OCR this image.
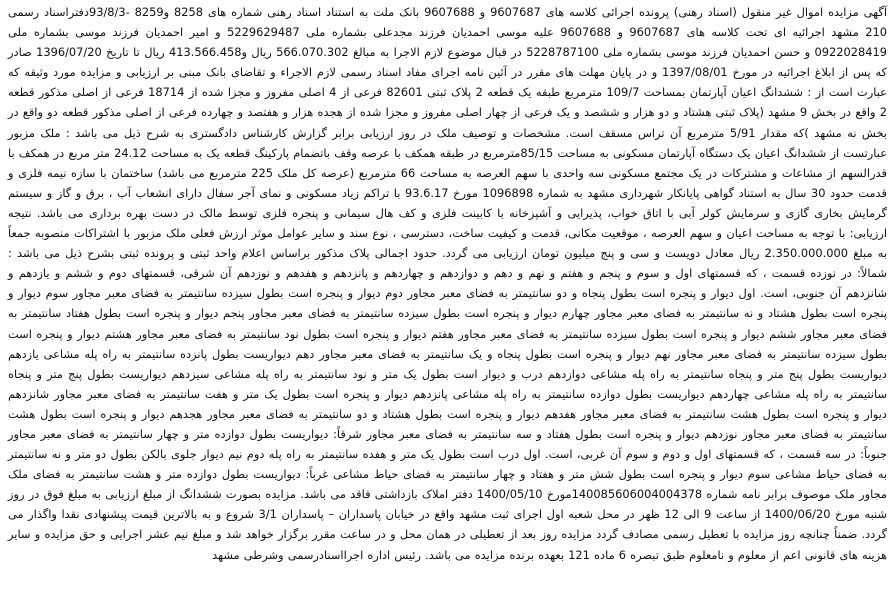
آگهی مزایده اموال غیر منقول (اسناد رهنی) پرونده اجرائی کلاسه های 9607687 و 9607688 بانک ملت به استناد اسناد رهنی شماره های 8258 و8259 -93/8/3دفتراسناد رسمی 210 مشهد اجرائیه ای تحت کلاسه های 9607687 و 9607688 علیه موسی احمدیان فرزند مجدعلی بشماره ملی 5229629487 و امیر احمدیان فرزند موسی بشماره ملی 0922028419 و حسن احمدیان فرزند موسی بشماره ملی 5228787100 در قبال موضوع لازم الاجرا به مبالغ 566.070.302 ریال و413.566.458 ریال تا تاریخ 1396/07/20 صادر که پس از ابلاغ اجرائیه در مورخ 1397/08/01 و در پایان مهلت های مقرر در آئین نامه اجرای مفاد اسناد رسمی لازم الاجراء و تقاضای بانک مبنی بر ارزیابی و مزایده مورد وثیقه که عبارت است از : ششدانگ اعیان آپارتمان بمساحت 109/7 مترمربع طبقه یک قطعه 2 پلاک ثبتی 82601 فرعی از 4 اصلی مفروز و مجزا شده از 18714 فرعی از اصلی مذکور قطعه 2 واقع در بخش 9 مشهد (پلاک ثبتی هشتاد و دو هزار و ششصد و یک فرعی از چهار اصلی مفروز و مجزا شده از هجده هزار و هفتصد و چهارده فرعی از اصلی مذکور قطعه دو واقع در بخش نه مشهد )که مقدار 5/91 مترمربع آن تراس مسقف است. مشخصات و توصیف ملک در روز ارزیابی برابر گزارش کارشناس دادگستری به شرح ذیل می باشد : ملک مزبور عبارتست از ششدانگ اعیان یک دستگاه آپارتمان مسکونی به مساحت 85/15مترمربع در طبقه همکف با عرصه وقف باتضمام پارکینگ قطعه یک به مساحت 24.12 متر مربع در همکف با قدرالسهم از مشاعات و مشترکات در یک مجتمع مسکونی سه واحدی با سهم العرصه به مساحت 66 مترمربع (عرصه کل ملک 225 مترمربع می باشد) ساختمان با سازه نیمه فلزی و قدمت حدود 30 سال به استناد گواهی پایانکار شهرداری مشهد به شماره 1096898 مورخ 93.6.17 با تراکم زیاد مسکونی و نمای آجر سفال دارای انشعاب آب ، برق و گاز و سیستم گرمایش بخاری گازی و سرمایش کولر آبی با اتاق خواب، پذیرایی و آشپزخانه با کابینت فلزی و کف هال سیمانی و پنجره فلزی توسط مالک در دست بهره برداری می باشد. نتیجه ارزیابی: با توجه به مساحت اعیان و سهم العرصه ، موقعیت مکانی، قدمت و کیفیت ساخت، دسترسی ، نوع سند و سایر عوامل موثر ارزش فعلی ملک مزبور با اشتراکات منصوبه جمعاً به مبلغ 2.350.000.000 ریال معادل دویست و سی و پنج میلیون تومان ارزیابی می گردد. حدود اجمالی پلاک مذکور براساس اعلام واحد ثبتی و پرونده ثبتی بشرح ذیل می باشد : شمالاً: در نوزده قسمت ، که قسمتهای اول و سوم و پنجم و هفتم و نهم و دهم و دوازدهم و چهاردهم و پانزدهم و هفدهم و نوزدهم آن شرقی، قسمتهای دوم و ششم و یازدهم و شانزدهم آن جنوبی، است. اول دیوار و پنجره است بطول پنجاه و دو سانتیمتر به فضای معبر مجاور دوم دیوار و پنجره است بطول سیزده سانتیمتر به فضای معبر مجاور سوم دیوار و پنجره است بطول هشتاد و نه سانتیمتر به فضای معبر مجاور چهارم دیوار و پنجره است بطول سیزده سانتیمتر به فضای معبر مجاور پنجم دیوار و پنجره است بطول هفتاد سانتیمتر به فضای معبر مجاور ششم دیوار و پنجره است بطول سیزده سانتیمتر به فضای معبر مجاور هفتم دیوار و پنجره است بطول نود سانتیمتر به فضای معبر مجاور هشتم دیوار و پنجره است بطول سیزده سانتیمتر به فضای معبر مجاور نهم دیوار و پنجره است بطول پنجاه و یک سانتیمتر به فضای معبر مجاور دهم دیواریست بطول پانزده سانتیمتر به راه پله مشاعی یازدهم دیواریست بطول پنج متر و پنجاه سانتیمتر به راه پله مشاعی دوازدهم درب و دیوار است بطول یک متر و نود سانتیمتر به راه پله مشاعی سیزدهم دیواریست بطول پنج متر و پنجاه سانتیمتر به راه پله مشاعی چهاردهم دیواریست بطول دوازده سانتیمتر به راه پله مشاعی پانزدهم دیوار و پنجره است بطول یک متر و هفت سانتیمتر به فضای معبر مجاور شانزدهم دیوار و پنجره است بطول هشت سانتیمتر به فضای معبر مجاور هفدهم دیوار و پنجره است بطول هشتاد و دو سانتیمتر به فضای معبر مجاور هجدهم دیوار و پنجره است بطول هشت سانتیمتر به فضای معبر مجاور نوزدهم دیوار و پنجره است بطول هفتاد و سه سانتیمتر به فضای معبر مجاور شرقاً: دیواریست بطول دوازده متر و چهار سانتیمتر به فضای معبر مجاور جنوباً: در سه قسمت ، که قسمتهای اول و دوم و سوم آن غربی، است. اول درب است بطول یک متر و هفده سانتیمتر به راه پله دوم نیم دیوار جلوی بالکن بطول دو متر و نه سانتیمتر به فضای حیاط مشاعی سوم دیوار و پنجره است بطول شش متر و هفتاد و چهار سانتیمتر به فضای حیاط مشاعی غرباً: دیواریست بطول دوازده متر و هشت سانتیمتر به فضای ملک مجاور ملک موصوف برابر نامه شماره 140085606004004378مورخ 1400/05/10 دفتر املاک بازداشتی فاقد می باشد. مزایده بصورت ششدانگ از مبلغ ارزیابی به مبلغ فوق در روز شنبه مورخ 1400/06/20 از ساعت 9 الی 12 ظهر در محل شعبه اول اجرای ثبت مشهد واقع در خیابان پاسداران – پاسداران 3/1 شروع و به بالاترین قیمت پیشنهادی نقدا واگذار می گردد. ضمناً چنانچه روز مزایده با تعطیل رسمی مصادف گردد مزایده روز بعد از تعطیلی در همان محل و در ساعت مقرر برگزار خواهد شد و مبلغ نیم عشر اجرایی و حق مزایده و سایر هزینه های قانونی اعم از معلوم و نامعلوم طبق تبصره 6 ماده 121 بعهده برنده مزایده می باشد. رئیس اداره اجرااسنادرسمی وشرطی مشهد
